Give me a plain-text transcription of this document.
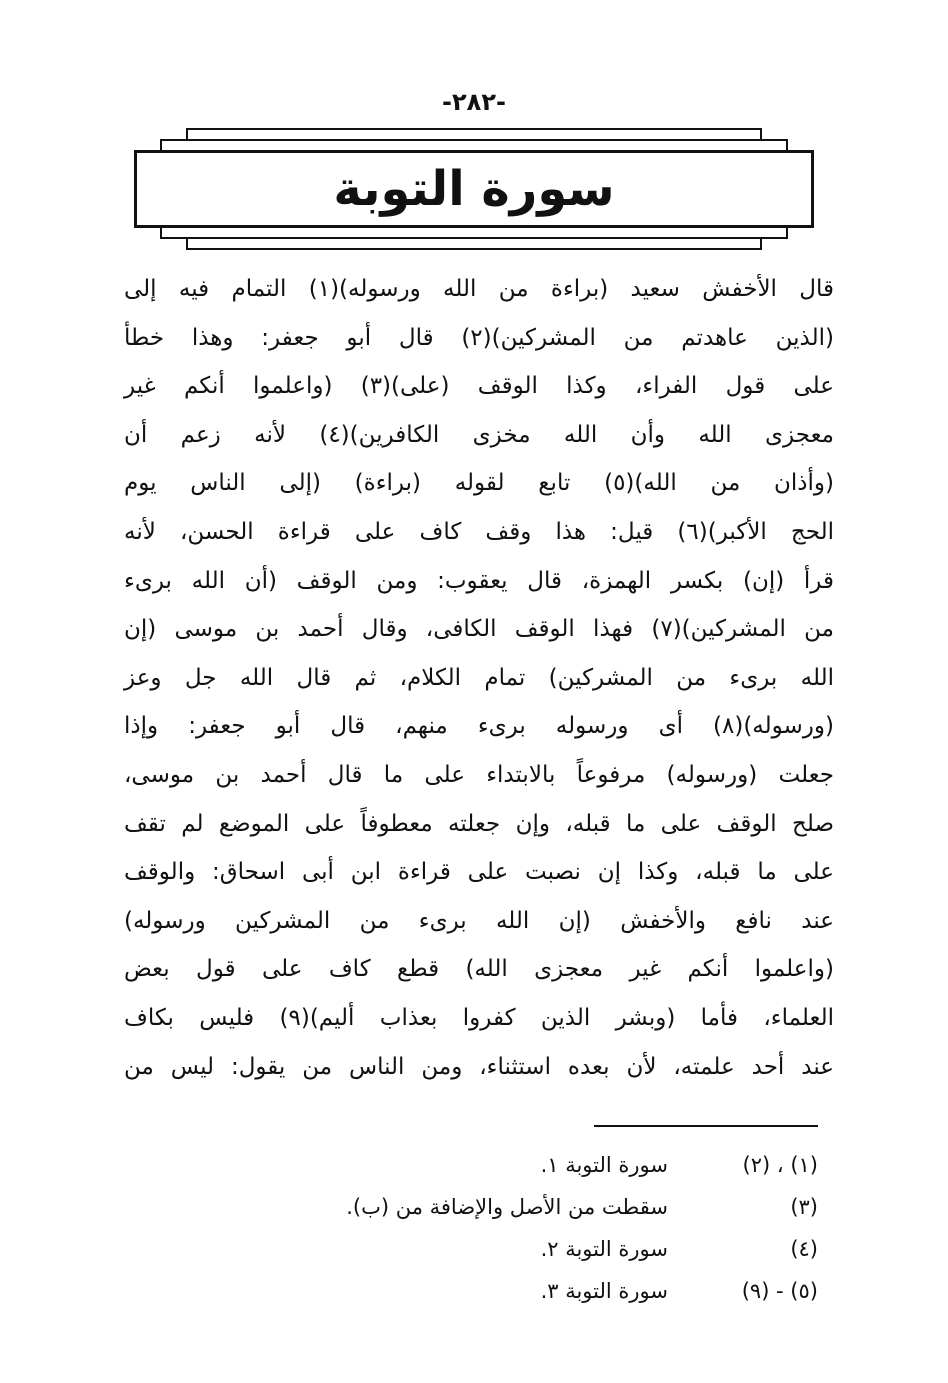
-٢٨٢-
سورة التوبة
قال الأخفش سعيد (براءة من الله ورسوله)(١) التمام فيه إلى
(الذين عاهدتم من المشركين)(٢) قال أبو جعفر: وهذا خطأ
على قول الفراء، وكذا الوقف (على)(٣) (واعلموا أنكم غير
معجزى الله وأن الله مخزى الكافرين)(٤) لأنه زعم أن
(وأذان من الله)(٥) تابع لقوله (براءة) (إلى الناس يوم
الحج الأكبر)(٦) قيل: هذا وقف كاف على قراءة الحسن، لأنه
قرأ (إن) بكسر الهمزة، قال يعقوب: ومن الوقف (أن الله برىء
من المشركين)(٧) فهذا الوقف الكافى، وقال أحمد بن موسى (إن
الله برىء من المشركين) تمام الكلام، ثم قال الله جل وعز
(ورسوله)(٨) أى ورسوله برىء منهم، قال أبو جعفر: وإذا
جعلت (ورسوله) مرفوعاً بالابتداء على ما قال أحمد بن موسى،
صلح الوقف على ما قبله، وإن جعلته معطوفاً على الموضع لم تقف
على ما قبله، وكذا إن نصبت على قراءة ابن أبى اسحاق: والوقف
عند نافع والأخفش (إن الله برىء من المشركين ورسوله)
(واعلموا أنكم غير معجزى الله) قطع كاف على قول بعض
العلماء، فأما (وبشر الذين كفروا بعذاب أليم)(٩) فليس بكاف
عند أحد علمته، لأن بعده استثناء، ومن الناس من يقول: ليس من
(١) ، (٢)
سورة التوبة ١.
(٣)
سقطت من الأصل والإضافة من (ب).
(٤)
سورة التوبة ٢.
(٥) - (٩)
سورة التوبة ٣.
